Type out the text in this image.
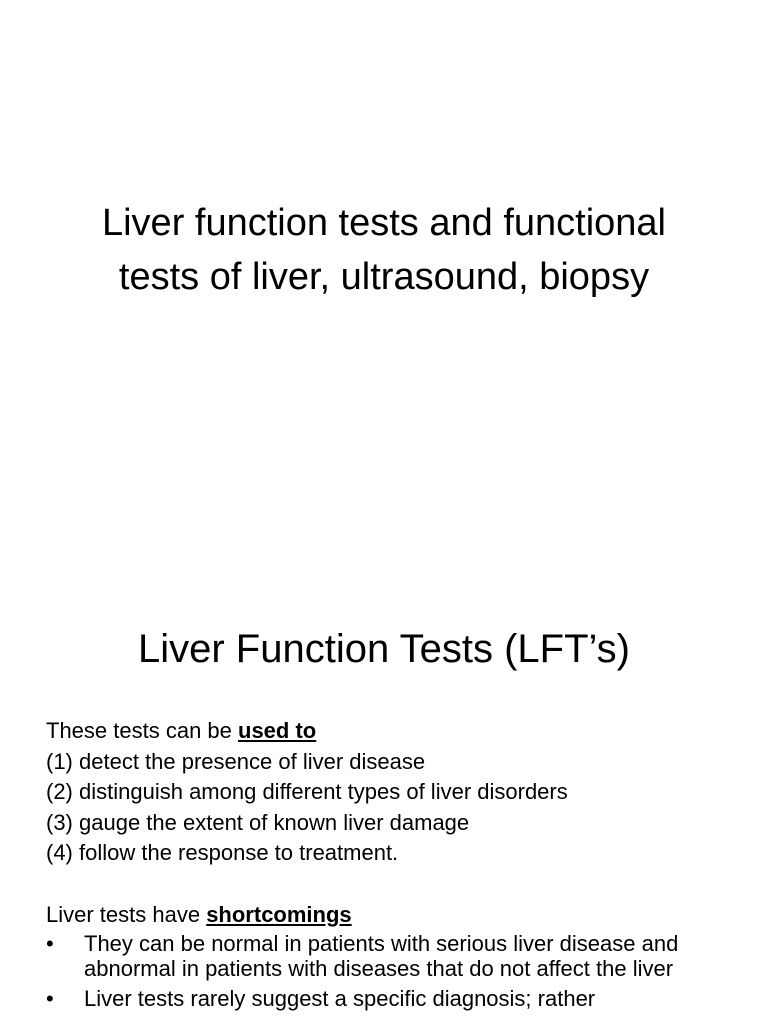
Liver function tests and functional
tests of liver, ultrasound, biopsy
Liver Function Tests (LFT’s)
These tests can be used to
(1) detect the presence of liver disease
(2) distinguish among different types of liver disorders
(3) gauge the extent of known liver damage
(4) follow the response to treatment.
Liver tests have shortcomings
• They can be normal in patients with serious liver disease and abnormal in patients with diseases that do not affect the liver
• Liver tests rarely suggest a specific diagnosis; rather
